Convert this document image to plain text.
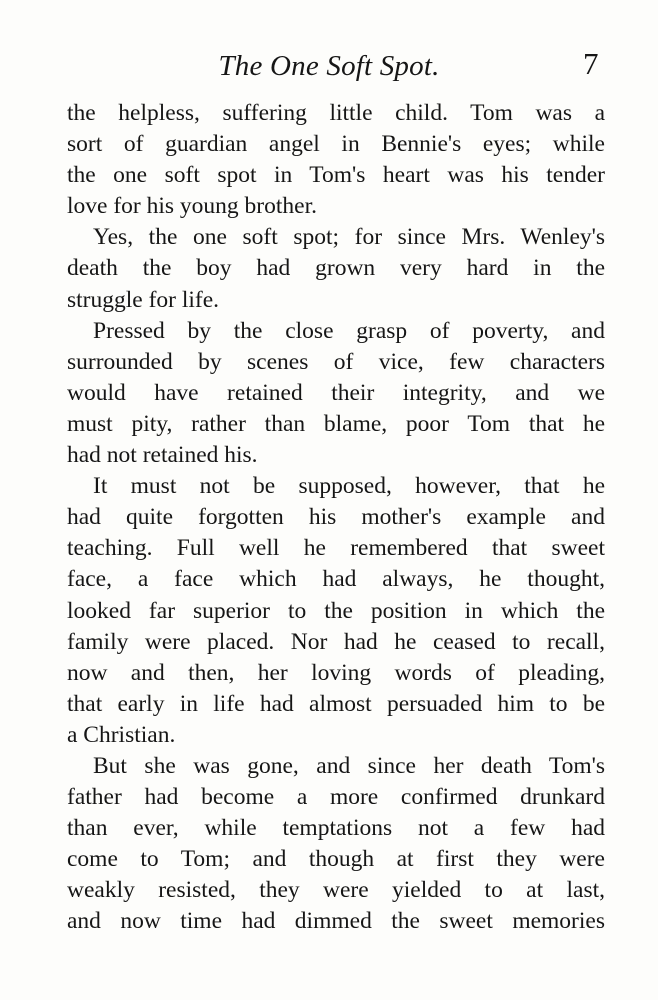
The One Soft Spot.	7
the helpless, suffering little child. Tom was a
sort of guardian angel in Bennie's eyes; while
the one soft spot in Tom's heart was his tender
love for his young brother.
Yes, the one soft spot; for since Mrs. Wenley's
death the boy had grown very hard in the
struggle for life.
Pressed by the close grasp of poverty, and
surrounded by scenes of vice, few characters
would have retained their integrity, and we
must pity, rather than blame, poor Tom that he
had not retained his.
It must not be supposed, however, that he
had quite forgotten his mother's example and
teaching. Full well he remembered that sweet
face, a face which had always, he thought,
looked far superior to the position in which the
family were placed. Nor had he ceased to recall,
now and then, her loving words of pleading,
that early in life had almost persuaded him to be
a Christian.
But she was gone, and since her death Tom's
father had become a more confirmed drunkard
than ever, while temptations not a few had
come to Tom; and though at first they were
weakly resisted, they were yielded to at last,
and now time had dimmed the sweet memories
